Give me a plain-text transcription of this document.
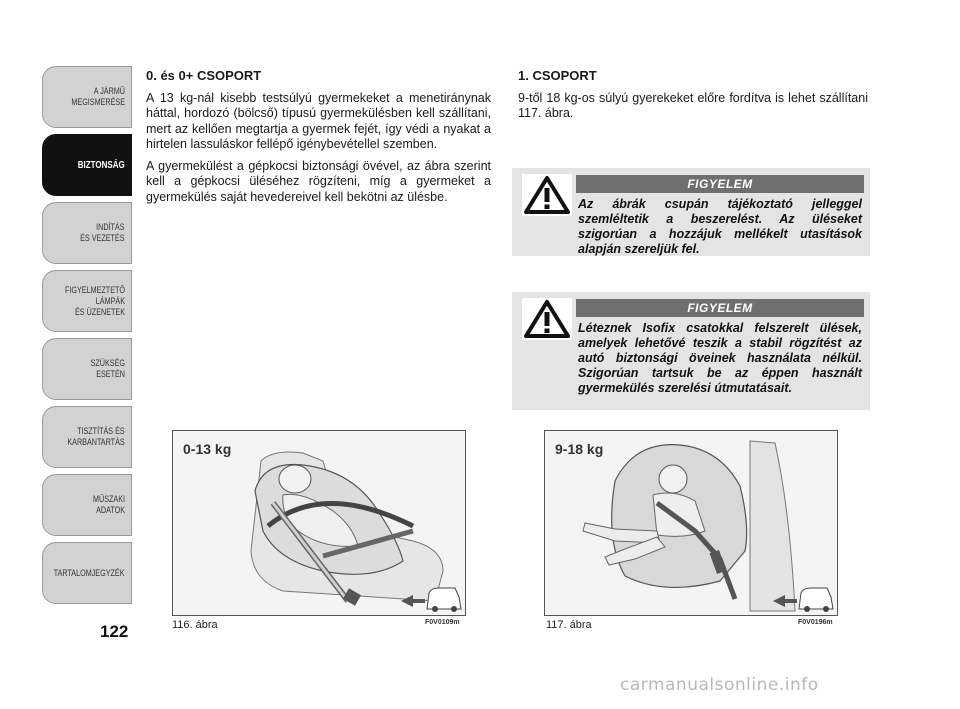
A JÁRMŰ
MEGISMERÉSE
BIZTONSÁG
INDÍTÁS
ÉS VEZETÉS
FIGYELMEZTETŐ
LÁMPÁK
ÉS ÜZENETEK
SZÜKSÉG
ESETÉN
TISZTÍTÁS ÉS
KARBANTARTÁS
MŰSZAKI
ADATOK
TARTALOMJEGYZÉK
122
0. és 0+ CSOPORT

A 13 kg-nál kisebb testsúlyú gyermekeket a menetiránynak háttal, hordozó (bölcső) típusú gyermekülésben kell szállítani, mert az kellően megtartja a gyermek fejét, így védi a nyakat a hirtelen lassuláskor fellépő igénybevétellel szemben.

A gyermekülést a gépkocsi biztonsági övével, az ábra szerint kell a gépkocsi üléséhez rögzíteni, míg a gyermeket a gyermekülés saját hevedereivel kell bekötni az ülésbe.

1. CSOPORT

9-től 18 kg-os súlyú gyerekeket előre fordítva is lehet szállítani 117. ábra.

FIGYELEM
Az ábrák csupán tájékoztató jelleggel szemléltetik a beszerelést. Az üléseket szigorúan a hozzájuk mellékelt utasítások alapján szereljük fel.
FIGYELEM
Léteznek Isofix csatokkal felszerelt ülések, amelyek lehetővé teszik a stabil rögzítést az autó biztonsági öveinek használata nélkül. Szigorúan tartsuk be az éppen használt gyermekülés szerelési útmutatásait.
0-13 kg
F0V0109m
116. ábra
9-18 kg
F0V0196m
117. ábra
carmanualsonline.info
